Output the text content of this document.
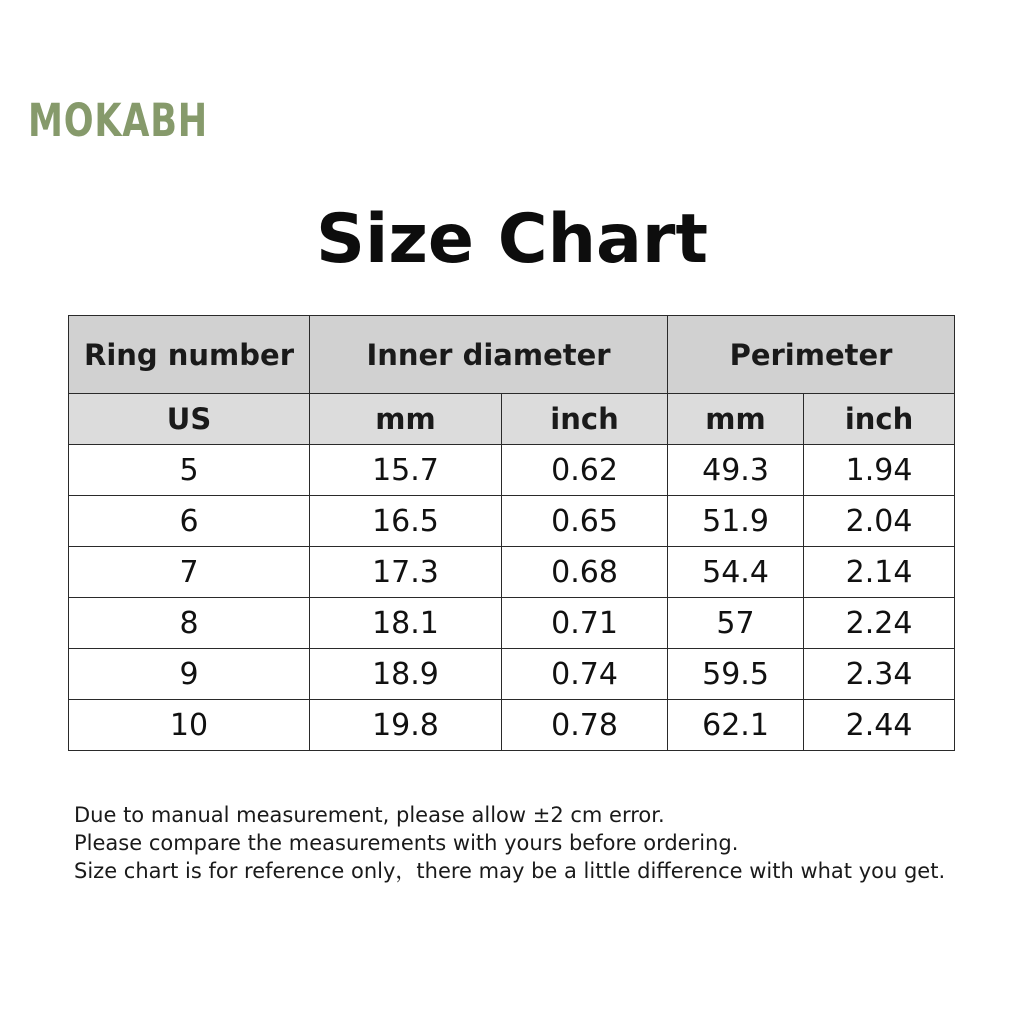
MOKABH
Size Chart
Ring number	Inner diameter		Perimeter	
US	mm	inch	mm	inch
5	15.7	0.62	49.3	1.94
6	16.5	0.65	51.9	2.04
7	17.3	0.68	54.4	2.14
8	18.1	0.71	57	2.24
9	18.9	0.74	59.5	2.34
10	19.8	0.78	62.1	2.44
Due to manual measurement, please allow ±2 cm error.
Please compare the measurements with yours before ordering.
Size chart is for reference only，there may be a little difference with what you get.
